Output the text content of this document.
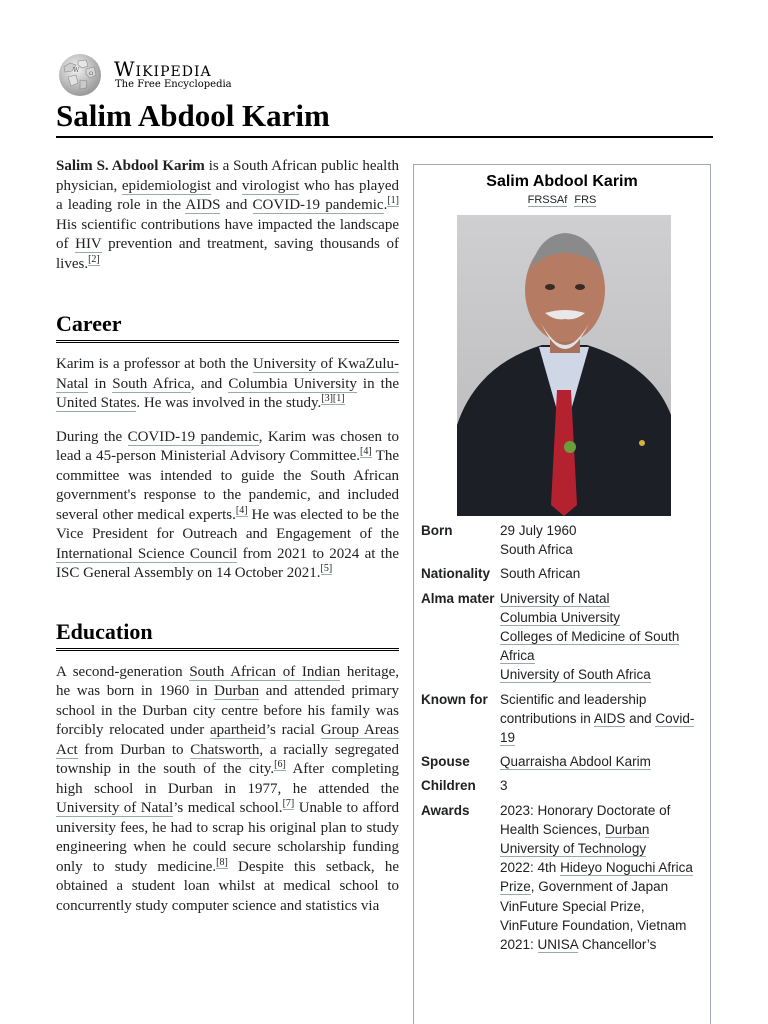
W Ω Wikipedia
The Free Encyclopedia
Salim Abdool Karim

Salim S. Abdool Karim is a South African public health physician, epidemiologist and virologist who has played a leading role in the AIDS and COVID-19 pandemic.[1] His scientific contributions have impacted the landscape of HIV prevention and treatment, saving thousands of lives.[2]

Career

Karim is a professor at both the University of KwaZulu-Natal in South Africa, and Columbia University in the United States. He was involved in the study.[3][1]

During the COVID-19 pandemic, Karim was chosen to lead a 45-person Ministerial Advisory Committee.[4] The committee was intended to guide the South African government's response to the pandemic, and included several other medical experts.[4] He was elected to be the Vice President for Outreach and Engagement of the International Science Council from 2021 to 2024 at the ISC General Assembly on 14 October 2021.[5]

Education

A second-generation South African of Indian heritage, he was born in 1960 in Durban and attended primary school in the Durban city centre before his family was forcibly relocated under apartheid’s racial Group Areas Act from Durban to Chatsworth, a racially segregated township in the south of the city.[6] After completing high school in Durban in 1977, he attended the University of Natal’s medical school.[7] Unable to afford university fees, he had to scrap his original plan to study engineering when he could secure scholarship funding only to study medicine.[8] Despite this setback, he obtained a student loan whilst at medical school to concurrently study computer science and statistics via

Salim Abdool Karim
FRSSAf FRS
Born	29 July 1960
South Africa
Nationality South African
Alma mater University of Natal
Columbia University
Colleges of Medicine of South Africa
University of South Africa
Known for Scientific and leadership contributions in AIDS and Covid-19
Spouse	Quarraisha Abdool Karim
Children	3
Awards	2023: Honorary Doctorate of Health Sciences, Durban University of Technology
2022: 4th Hideyo Noguchi Africa Prize, Government of Japan
VinFuture Special Prize, VinFuture Foundation, Vietnam
2021: UNISA Chancellor’s
